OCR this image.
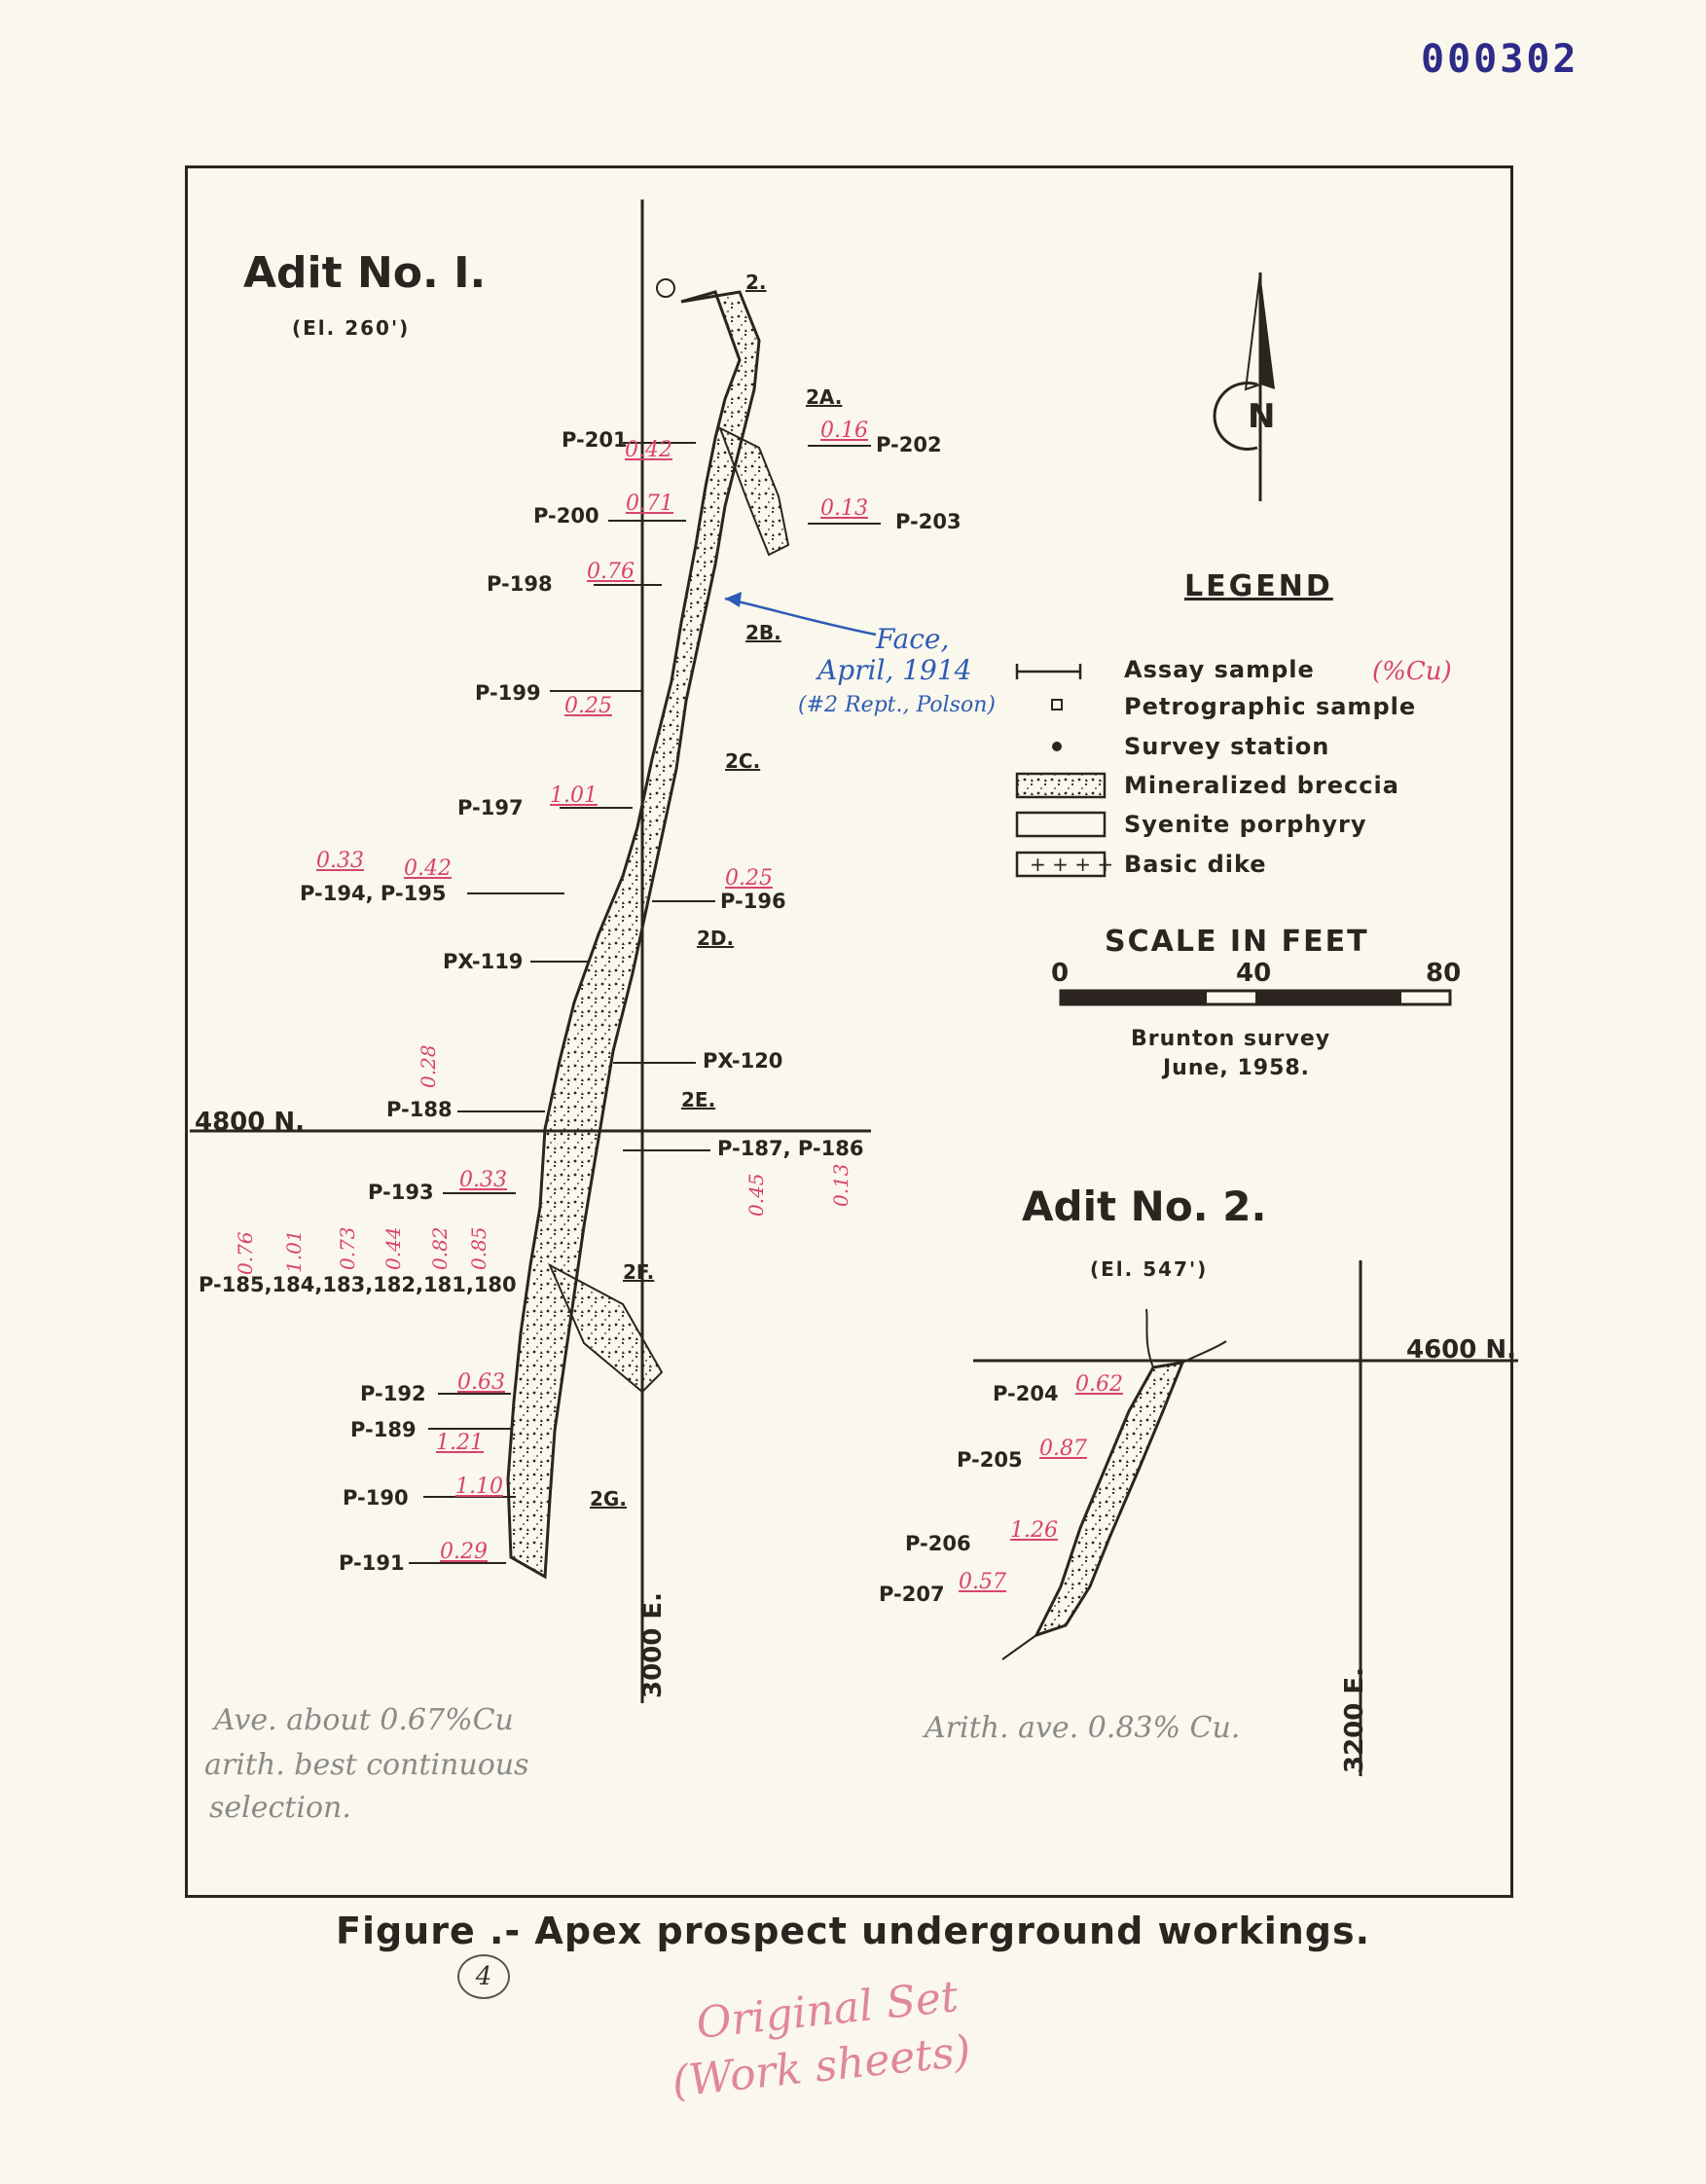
000302
+ + + +
Adit No. I.
(El. 260')
2.
2A.
2B.
2C.
2D.
2E.
2F.
2G.
P-201
0.42
0.16
P-202
P-200 0.71	0.13
P-203
P-198 0.76
P-199
0.25
P-197 1.01
0.33 0.42
P-194, P-195
0.25
P-196
PX-119
PX-120
0.28
P-188
P-187, P-186
0.45	0.13
P-193 0.33
0.76 1.01 0.73 0.44 0.82 0.85
P-185,184,183,182,181,180
P-192 0.63
P-189
1.21
P-190 1.10
P-191 0.29
4800 N.
3000 E.
4600 N.
3200 E.
Face,
April, 1914
(#2 Rept., Polson)
N
LEGEND
(%Cu)
Assay sample
Petrographic sample
Survey station
Mineralized breccia
Syenite porphyry
Basic dike
SCALE IN FEET
0	40	80
Brunton survey
June, 1958.
Adit No. 2.
(El. 547')
P-204 0.62
P-205 0.87
P-206
1.26
P-207 0.57
Ave. about 0.67%Cu
arith. best continuous
selection.
Arith. ave. 0.83% Cu.
Figure .- Apex prospect underground workings.
4	Original Set
(Work sheets)
